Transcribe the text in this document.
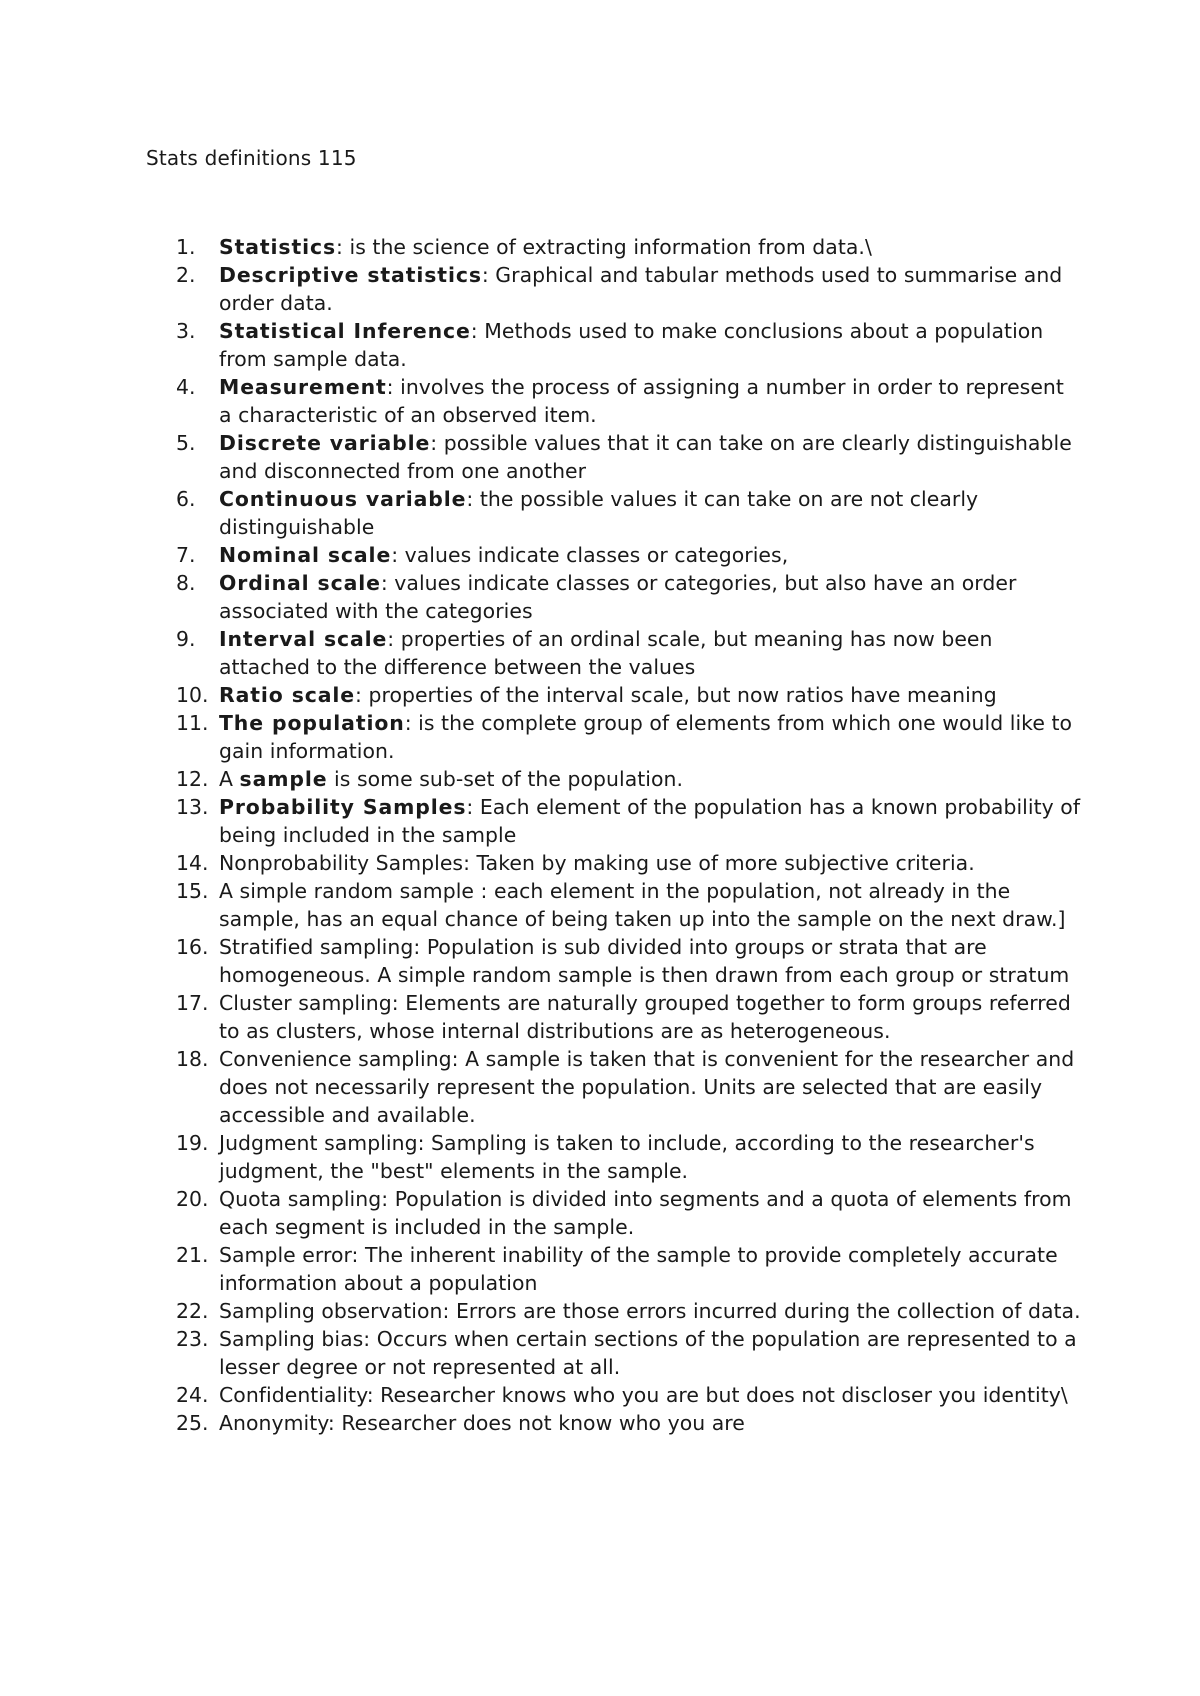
Stats definitions 115
1. Statistics: is the science of extracting information from data.\
2. Descriptive statistics: Graphical and tabular methods used to summarise and order data.
3. Statistical Inference: Methods used to make conclusions about a population from sample data.
4. Measurement: involves the process of assigning a number in order to represent a characteristic of an observed item.
5. Discrete variable: possible values that it can take on are clearly distinguishable and disconnected from one another
6. Continuous variable: the possible values it can take on are not clearly distinguishable
7. Nominal scale: values indicate classes or categories,
8. Ordinal scale: values indicate classes or categories, but also have an order associated with the categories
9. Interval scale: properties of an ordinal scale, but meaning has now been attached to the difference between the values
10. Ratio scale: properties of the interval scale, but now ratios have meaning
11. The population: is the complete group of elements from which one would like to gain information.
12. A sample is some sub-set of the population.
13. Probability Samples: Each element of the population has a known probability of being included in the sample
14. Nonprobability Samples: Taken by making use of more subjective criteria.
15. A simple random sample : each element in the population, not already in the sample, has an equal chance of being taken up into the sample on the next draw.]
16. Stratified sampling: Population is sub divided into groups or strata that are homogeneous. A simple random sample is then drawn from each group or stratum
17. Cluster sampling: Elements are naturally grouped together to form groups referred to as clusters, whose internal distributions are as heterogeneous.
18. Convenience sampling: A sample is taken that is convenient for the researcher and does not necessarily represent the population. Units are selected that are easily accessible and available.
19. Judgment sampling: Sampling is taken to include, according to the researcher's judgment, the "best" elements in the sample.
20. Quota sampling: Population is divided into segments and a quota of elements from each segment is included in the sample.
21. Sample error: The inherent inability of the sample to provide completely accurate information about a population
22. Sampling observation: Errors are those errors incurred during the collection of data.
23. Sampling bias: Occurs when certain sections of the population are represented to a lesser degree or not represented at all.
24. Confidentiality: Researcher knows who you are but does not discloser you identity\
25. Anonymity: Researcher does not know who you are
